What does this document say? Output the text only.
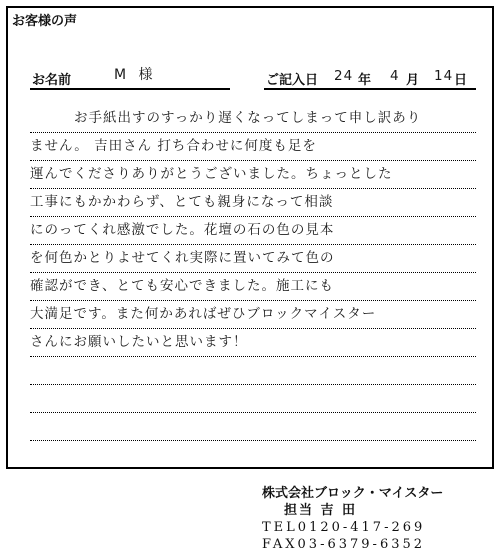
お客様の声
お名前	M 様	ご記入日 24 年 4 月 14 日
お手紙出すのすっかり遅くなってしまって申し訳あり
ません。 吉田さん 打ち合わせに何度も足を
運んでくださりありがとうございました。ちょっとした
工事にもかかわらず、とても親身になって相談
にのってくれ感激でした。花壇の石の色の見本
を何色かとりよせてくれ実際に置いてみて色の
確認ができ、とても安心できました。施工にも
大満足です。また何かあればぜひブロックマイスター
さんにお願いしたいと思います！
株式会社ブロック・マイスター
担当 吉 田
TEL0120-417-269
FAX03-6379-6352
